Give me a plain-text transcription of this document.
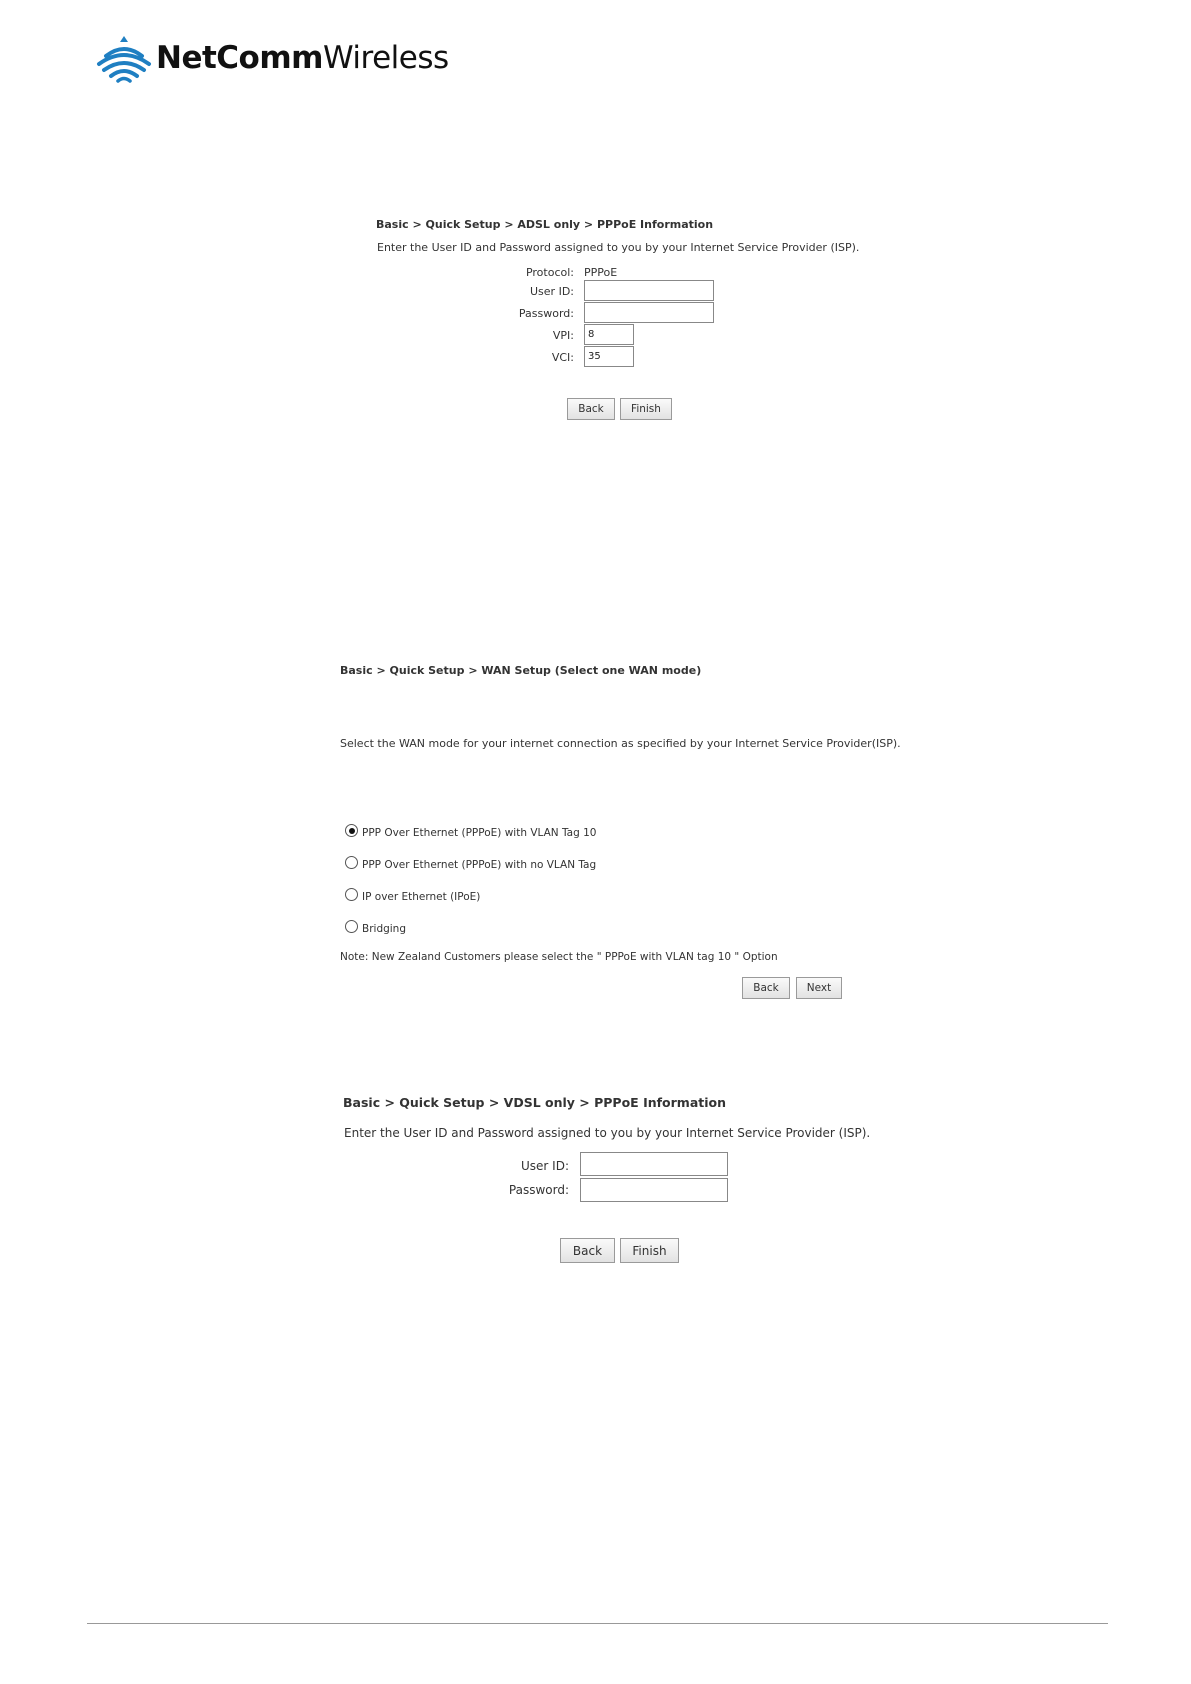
NetCommWireless
Basic > Quick Setup > ADSL only > PPPoE Information
Enter the User ID and Password assigned to you by your Internet Service Provider (ISP).
Protocol: PPPoE
User ID:
Password:
VPI:
8
VCI:
35
Back	Finish
Basic > Quick Setup > WAN Setup (Select one WAN mode)
Select the WAN mode for your internet connection as specified by your Internet Service Provider(ISP).
PPP Over Ethernet (PPPoE) with VLAN Tag 10
PPP Over Ethernet (PPPoE) with no VLAN Tag
IP over Ethernet (IPoE)
Bridging
Note: New Zealand Customers please select the " PPPoE with VLAN tag 10 " Option
Back	Next
Basic > Quick Setup > VDSL only > PPPoE Information
Enter the User ID and Password assigned to you by your Internet Service Provider (ISP).
User ID:
Password:
Back	Finish
